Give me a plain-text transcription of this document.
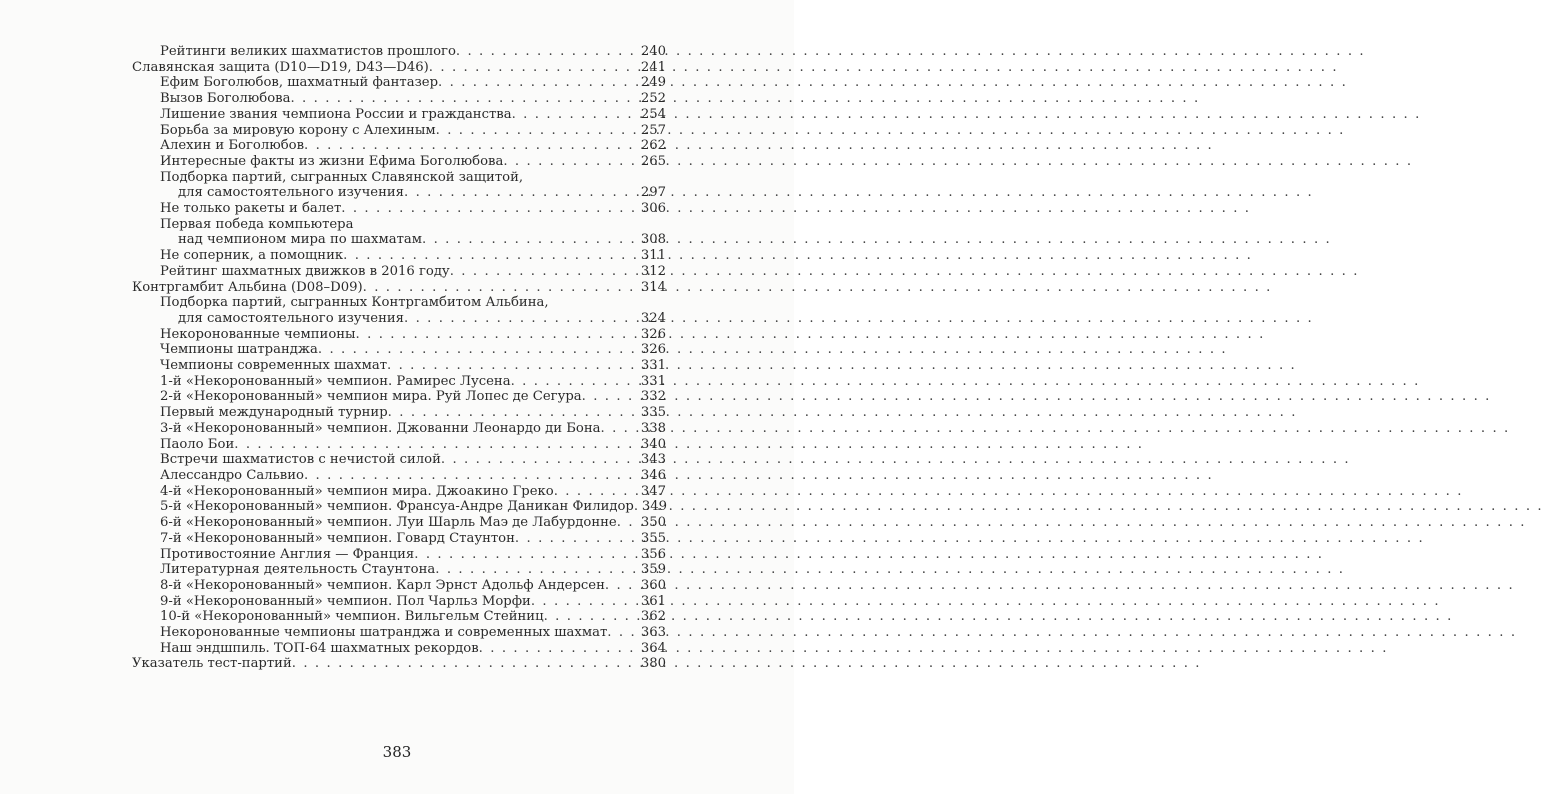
Рейтинги великих шахматистов прошлого . . .	240
Славянская защита (D10—D19, D43—D46) . . .	241
Ефим Боголюбов, шахматный фантазер . . .	249
Вызов Боголюбова . . .	252
Лишение звания чемпиона России и гражданства . . .	254
Борьба за мировую корону с Алехиным . . .	257
Алехин и Боголюбов . . .	262
Интересные факты из жизни Ефима Боголюбова . . .	265
Подборка партий, сыгранных Славянской защитой,
для самостоятельного изучения . . .	297
Не только ракеты и балет . . .	306
Первая победа компьютера
над чемпионом мира по шахматам . . .	308
Не соперник, а помощник . . .	311
Рейтинг шахматных движков в 2016 году . . .	312
Контргамбит Альбина (D08–D09) . . .	314
Подборка партий, сыгранных Контргамбитом Альбина,
для самостоятельного изучения . . .	324
Некоронованные чемпионы . . .	326
Чемпионы шатранджа . . .	326
Чемпионы современных шахмат . . .	331
1-й «Некоронованный» чемпион. Рамирес Лусена . . .	331
2-й «Некоронованный» чемпион мира. Руй Лопес де Сегура . . .	332
Первый международный турнир . . .	335
3-й «Некоронованный» чемпион. Джованни Леонардо ди Бона . . .	338
Паоло Бои . . .	340
Встречи шахматистов с нечистой силой . . .	343
Алессандро Сальвио . . .	346
4-й «Некоронованный» чемпион мира. Джоакино Греко . . .	347
5-й «Некоронованный» чемпион. Франсуа-Андре Даникан Филидор . . . 349
6-й «Некоронованный» чемпион. Луи Шарль Маэ де Лабурдонне . . . 350
7-й «Некоронованный» чемпион. Говард Стаунтон . . .	355
Противостояние Англия — Франция . . .	356
Литературная деятельность Стаунтона . . .	359
8-й «Некоронованный» чемпион. Карл Эрнст Адольф Андерсен . . .	360
9-й «Некоронованный» чемпион. Пол Чарльз Морфи . . .	361
10-й «Некоронованный» чемпион. Вильгельм Стейниц . . .	362
Некоронованные чемпионы шатранджа и современных шахмат . . .	363
Наш эндшпиль. ТОП-64 шахматных рекордов . . .	364
Указатель тест-партий . . .	380
383
